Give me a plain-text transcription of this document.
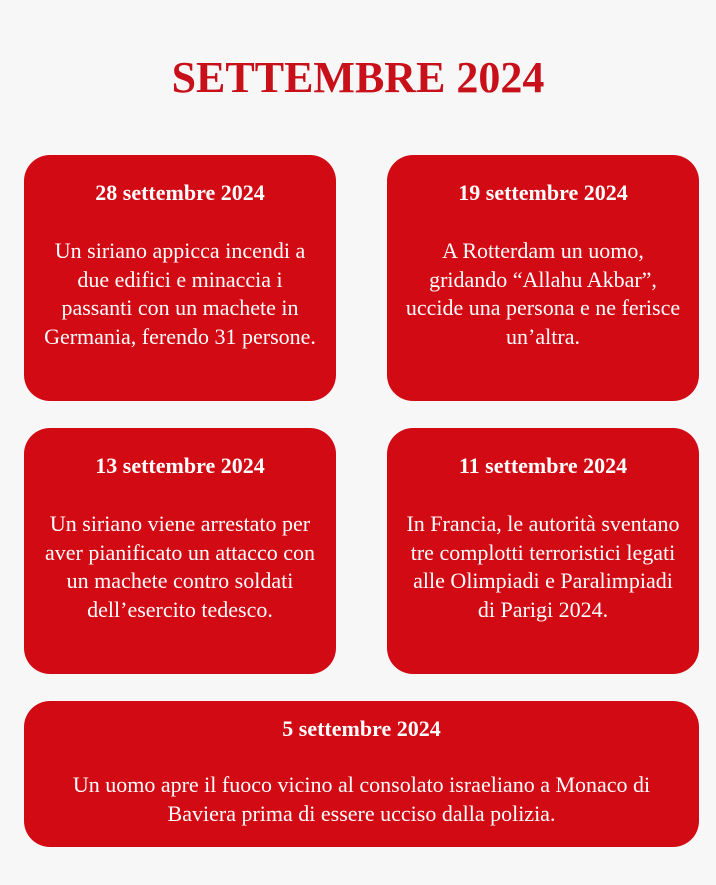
SETTEMBRE 2024
28 settembre 2024
Un siriano appicca incendi a due edifici e minaccia i passanti con un machete in Germania, ferendo 31 persone.
19 settembre 2024
A Rotterdam un uomo, gridando “Allahu Akbar”, uccide una persona e ne ferisce un’altra.
13 settembre 2024
Un siriano viene arrestato per aver pianificato un attacco con un machete contro soldati dell’esercito tedesco.
11 settembre 2024
In Francia, le autorità sventano tre complotti terroristici legati alle Olimpiadi e Paralimpiadi di Parigi 2024.
5 settembre 2024
Un uomo apre il fuoco vicino al consolato israeliano a Monaco di Baviera prima di essere ucciso dalla polizia.
